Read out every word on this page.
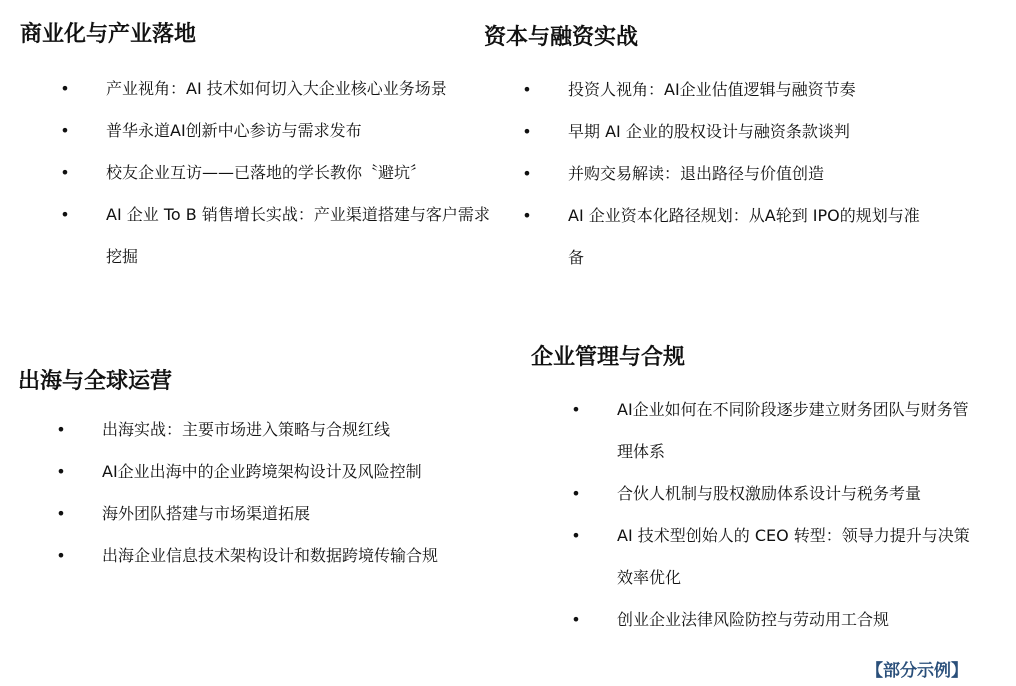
商业化与产业落地
• 产业视角：AI 技术如何切入大企业核心业务场景
• 普华永道AI创新中心参访与需求发布
• 校友企业互访——已落地的学长教你〝避坑〞
• AI 企业 To B 销售增长实战：产业渠道搭建与客户需求挖掘
资本与融资实战
• 投资人视角：AI企业估值逻辑与融资节奏
• 早期 AI 企业的股权设计与融资条款谈判
• 并购交易解读：退出路径与价值创造
• AI 企业资本化路径规划：从A轮到 IPO的规划与准备
出海与全球运营
• 出海实战：主要市场进入策略与合规红线
• AI企业出海中的企业跨境架构设计及风险控制
• 海外团队搭建与市场渠道拓展
• 出海企业信息技术架构设计和数据跨境传输合规
企业管理与合规
• AI企业如何在不同阶段逐步建立财务团队与财务管理体系
• 合伙人机制与股权激励体系设计与税务考量
• AI 技术型创始人的 CEO 转型：领导力提升与决策效率优化
• 创业企业法律风险防控与劳动用工合规
【部分示例】
